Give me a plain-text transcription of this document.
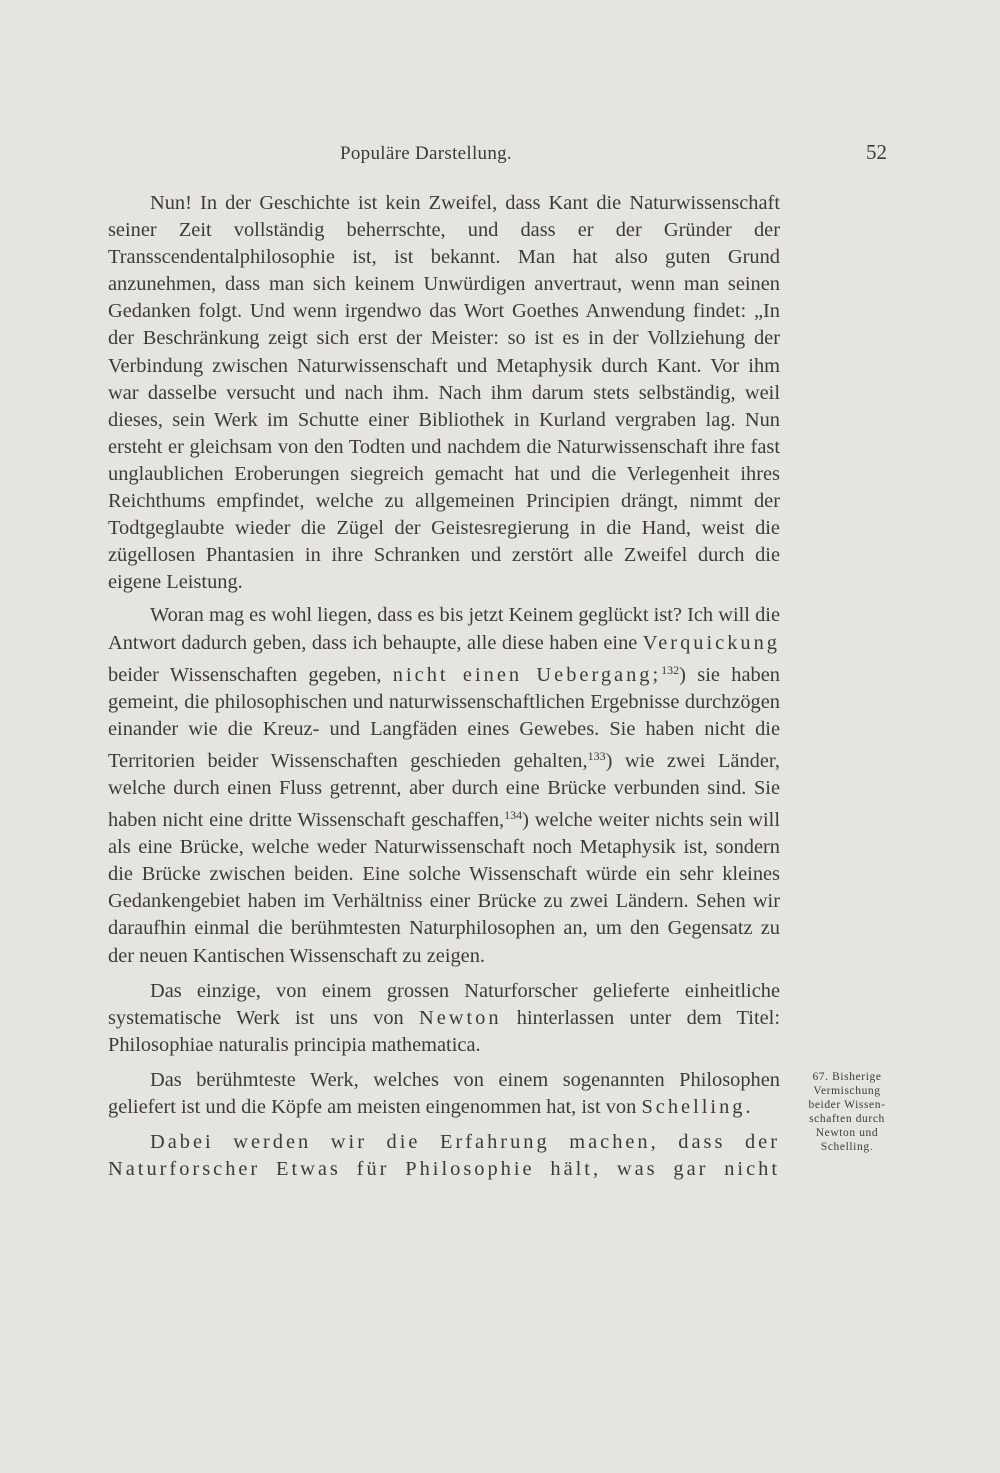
Populäre Darstellung.	52

Nun! In der Geschichte ist kein Zweifel, dass Kant die Naturwissenschaft seiner Zeit vollständig beherrschte, und dass er der Gründer der Transscendentalphilosophie ist, ist bekannt. Man hat also guten Grund anzunehmen, dass man sich keinem Unwürdigen anvertraut, wenn man seinen Gedanken folgt. Und wenn irgendwo das Wort Goethes Anwendung findet: „In der Beschränkung zeigt sich erst der Meister: so ist es in der Vollziehung der Verbindung zwischen Naturwissenschaft und Metaphysik durch Kant. Vor ihm war dasselbe versucht und nach ihm. Nach ihm darum stets selbständig, weil dieses, sein Werk im Schutte einer Bibliothek in Kurland vergraben lag. Nun ersteht er gleichsam von den Todten und nachdem die Naturwissenschaft ihre fast unglaublichen Eroberungen siegreich gemacht hat und die Verlegenheit ihres Reichthums empfindet, welche zu allgemeinen Principien drängt, nimmt der Todtgeglaubte wieder die Zügel der Geistesregierung in die Hand, weist die zügellosen Phantasien in ihre Schranken und zerstört alle Zweifel durch die eigene Leistung.

Woran mag es wohl liegen, dass es bis jetzt Keinem geglückt ist? Ich will die Antwort dadurch geben, dass ich behaupte, alle diese haben eine Verquickung beider Wissenschaften gegeben, nicht einen Uebergang;$^{132}$) sie haben gemeint, die philosophischen und naturwissenschaftlichen Ergebnisse durchzögen einander wie die Kreuz- und Langfäden eines Gewebes. Sie haben nicht die Territorien beider Wissenschaften geschieden gehalten,$^{133}$) wie zwei Länder, welche durch einen Fluss getrennt, aber durch eine Brücke verbunden sind. Sie haben nicht eine dritte Wissenschaft geschaffen,$^{134}$) welche weiter nichts sein will als eine Brücke, welche weder Naturwissenschaft noch Metaphysik ist, sondern die Brücke zwischen beiden. Eine solche Wissenschaft würde ein sehr kleines Gedankengebiet haben im Verhältniss einer Brücke zu zwei Ländern. Sehen wir daraufhin einmal die berühmtesten Naturphilosophen an, um den Gegensatz zu der neuen Kantischen Wissenschaft zu zeigen.

Das einzige, von einem grossen Naturforscher gelieferte einheitliche systematische Werk ist uns von Newton hinterlassen unter dem Titel: Philosophiae naturalis principia mathematica.

Das berühmteste Werk, welches von einem sogenannten Philosophen geliefert ist und die Köpfe am meisten eingenommen hat, ist von Schelling.

Dabei werden wir die Erfahrung machen, dass der Naturforscher Etwas für Philosophie hält, was gar nicht

67. Bisherige
Vermischung
beider Wissen-
schaften durch
Newton und
Schelling.
